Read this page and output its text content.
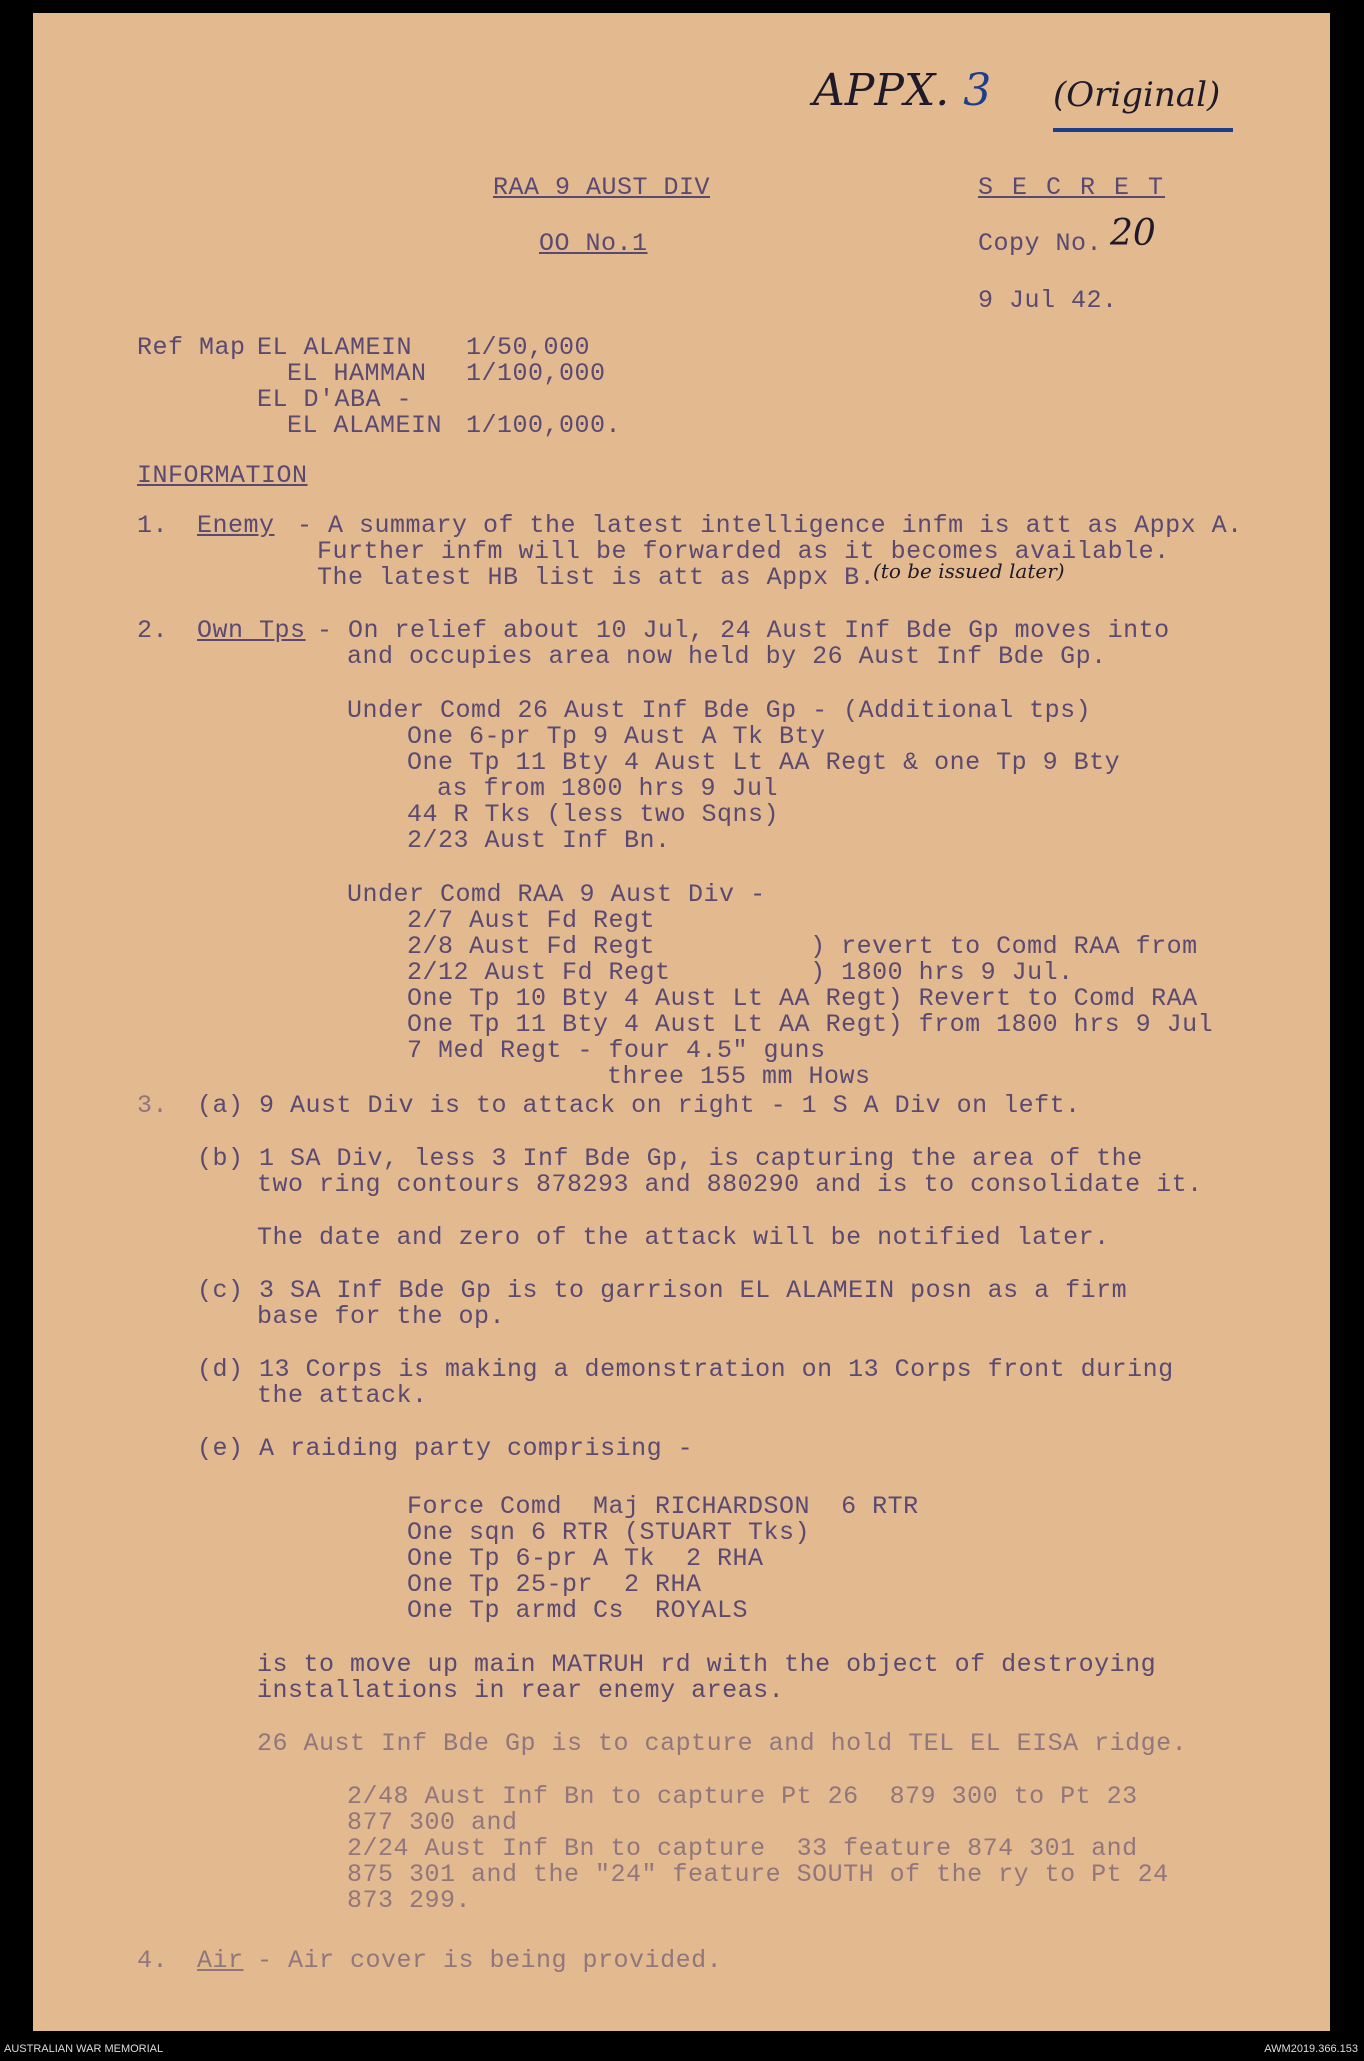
APPX. 3 (Original)
RAA 9 AUST DIV
OO No.1
S E C R E T
Copy No. 20
9 Jul 42.
Ref Map EL ALAMEIN 1/50,000
EL HAMMAN 1/100,000
EL D'ABA -
EL ALAMEIN 1/100,000.
INFORMATION
1. Enemy - A summary of the latest intelligence infm is att as Appx A.
Further infm will be forwarded as it becomes available.
The latest HB list is att as Appx B.
(to be issued later)
2. Own Tps - On relief about 10 Jul, 24 Aust Inf Bde Gp moves into
and occupies area now held by 26 Aust Inf Bde Gp.
Under Comd 26 Aust Inf Bde Gp - (Additional tps)
One 6-pr Tp 9 Aust A Tk Bty
One Tp 11 Bty 4 Aust Lt AA Regt & one Tp 9 Bty
as from 1800 hrs 9 Jul
44 R Tks (less two Sqns)
2/23 Aust Inf Bn.
Under Comd RAA 9 Aust Div -
2/7 Aust Fd Regt
2/8 Aust Fd Regt          ) revert to Comd RAA from
2/12 Aust Fd Regt         ) 1800 hrs 9 Jul.
One Tp 10 Bty 4 Aust Lt AA Regt) Revert to Comd RAA
One Tp 11 Bty 4 Aust Lt AA Regt) from 1800 hrs 9 Jul
7 Med Regt - four 4.5" guns
three 155 mm Hows
3. (a) 9 Aust Div is to attack on right - 1 S A Div on left.
(b) 1 SA Div, less 3 Inf Bde Gp, is capturing the area of the
two ring contours 878293 and 880290 and is to consolidate it.
The date and zero of the attack will be notified later.
(c) 3 SA Inf Bde Gp is to garrison EL ALAMEIN posn as a firm
base for the op.
(d) 13 Corps is making a demonstration on 13 Corps front during
the attack.
(e) A raiding party comprising -
Force Comd  Maj RICHARDSON  6 RTR
One sqn 6 RTR (STUART Tks)
One Tp 6-pr A Tk  2 RHA
One Tp 25-pr  2 RHA
One Tp armd Cs  ROYALS
is to move up main MATRUH rd with the object of destroying
installations in rear enemy areas.
26 Aust Inf Bde Gp is to capture and hold TEL EL EISA ridge.
2/48 Aust Inf Bn to capture Pt 26  879 300 to Pt 23
877 300 and
2/24 Aust Inf Bn to capture  33 feature 874 301 and
875 301 and the "24" feature SOUTH of the ry to Pt 24
873 299.
4. Air - Air cover is being provided.
AUSTRALIAN WAR MEMORIAL	AWM2019.366.153
